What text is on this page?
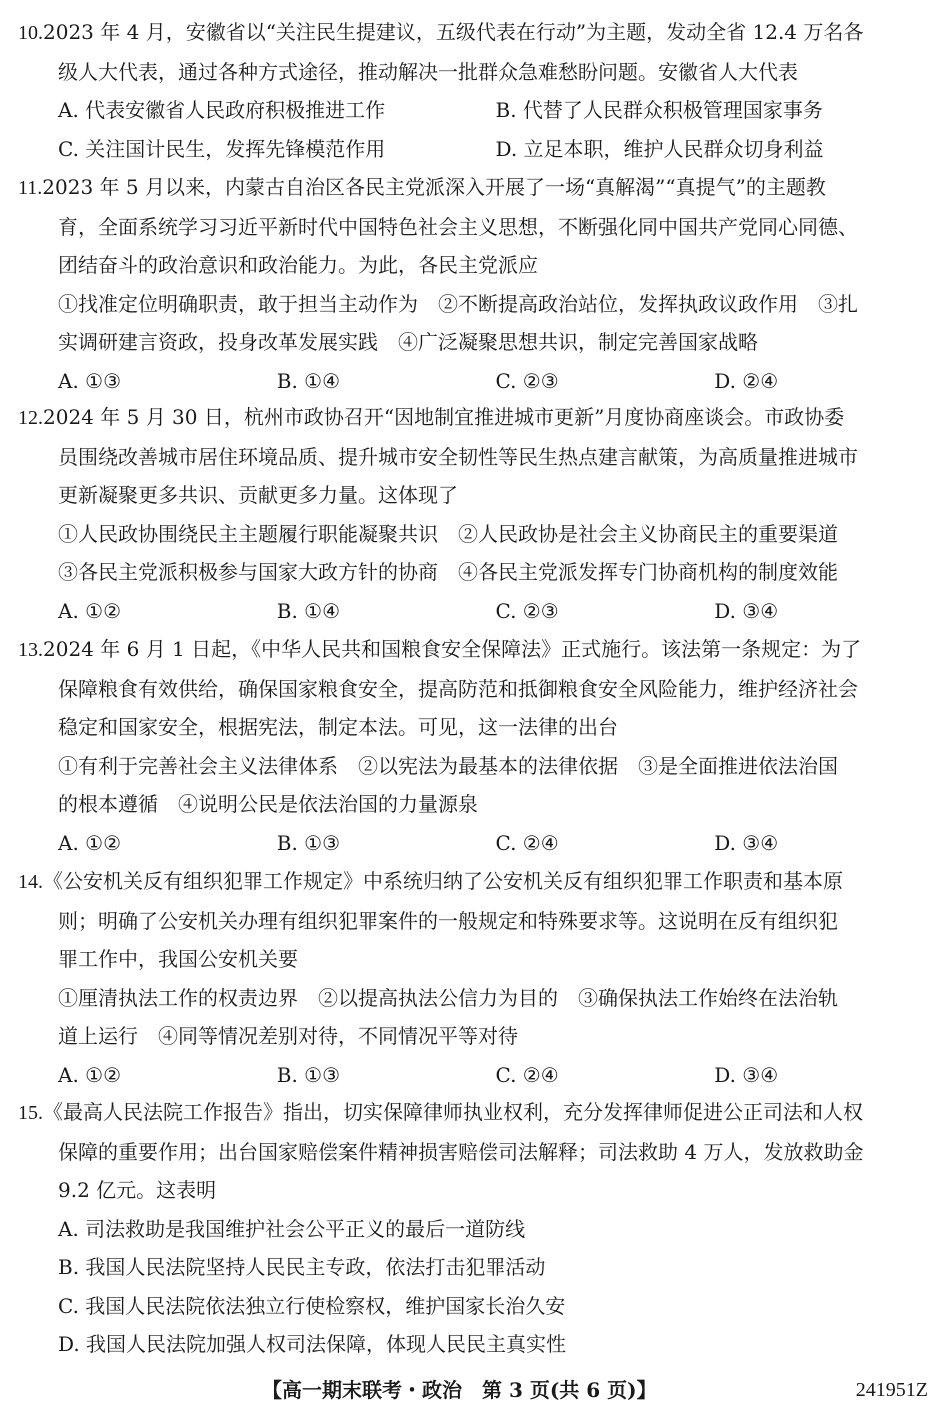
10.2023 年 4 月，安徽省以“关注民生提建议，五级代表在行动”为主题，发动全省 12.4 万名各

级人大代表，通过各种方式途径，推动解决一批群众急难愁盼问题。安徽省人大代表

A. 代表安徽省人民政府积极推进工作	B. 代替了人民群众积极管理国家事务
C. 关注国计民生，发挥先锋模范作用	D. 立足本职，维护人民群众切身利益

11.2023 年 5 月以来，内蒙古自治区各民主党派深入开展了一场“真解渴”“真提气”的主题教

育，全面系统学习习近平新时代中国特色社会主义思想，不断强化同中国共产党同心同德、

团结奋斗的政治意识和政治能力。为此，各民主党派应

①找准定位明确职责，敢于担当主动作为　②不断提高政治站位，发挥执政议政作用　③扎

实调研建言资政，投身改革发展实践　④广泛凝聚思想共识，制定完善国家战略

A. ①③	B. ①④	C. ②③	D. ②④

12.2024 年 5 月 30 日，杭州市政协召开“因地制宜推进城市更新”月度协商座谈会。市政协委

员围绕改善城市居住环境品质、提升城市安全韧性等民生热点建言献策，为高质量推进城市

更新凝聚更多共识、贡献更多力量。这体现了

①人民政协围绕民主主题履行职能凝聚共识　②人民政协是社会主义协商民主的重要渠道

③各民主党派积极参与国家大政方针的协商　④各民主党派发挥专门协商机构的制度效能

A. ①②	B. ①④	C. ②③	D. ③④

13.2024 年 6 月 1 日起，《中华人民共和国粮食安全保障法》正式施行。该法第一条规定：为了

保障粮食有效供给，确保国家粮食安全，提高防范和抵御粮食安全风险能力，维护经济社会

稳定和国家安全，根据宪法，制定本法。可见，这一法律的出台

①有利于完善社会主义法律体系　②以宪法为最基本的法律依据　③是全面推进依法治国

的根本遵循　④说明公民是依法治国的力量源泉

A. ①②	B. ①③	C. ②④	D. ③④

14.《公安机关反有组织犯罪工作规定》中系统归纳了公安机关反有组织犯罪工作职责和基本原

则；明确了公安机关办理有组织犯罪案件的一般规定和特殊要求等。这说明在反有组织犯

罪工作中，我国公安机关要

①厘清执法工作的权责边界　②以提高执法公信力为目的　③确保执法工作始终在法治轨

道上运行　④同等情况差别对待，不同情况平等对待

A. ①②	B. ①③	C. ②④	D. ③④

15.《最高人民法院工作报告》指出，切实保障律师执业权利，充分发挥律师促进公正司法和人权

保障的重要作用；出台国家赔偿案件精神损害赔偿司法解释；司法救助 4 万人，发放救助金

9.2 亿元。这表明

A. 司法救助是我国维护社会公平正义的最后一道防线

B. 我国人民法院坚持人民民主专政，依法打击犯罪活动

C. 我国人民法院依法独立行使检察权，维护国家长治久安

D. 我国人民法院加强人权司法保障，体现人民民主真实性

【高一期末联考・政治　第 3 页(共 6 页)】	241951Z
